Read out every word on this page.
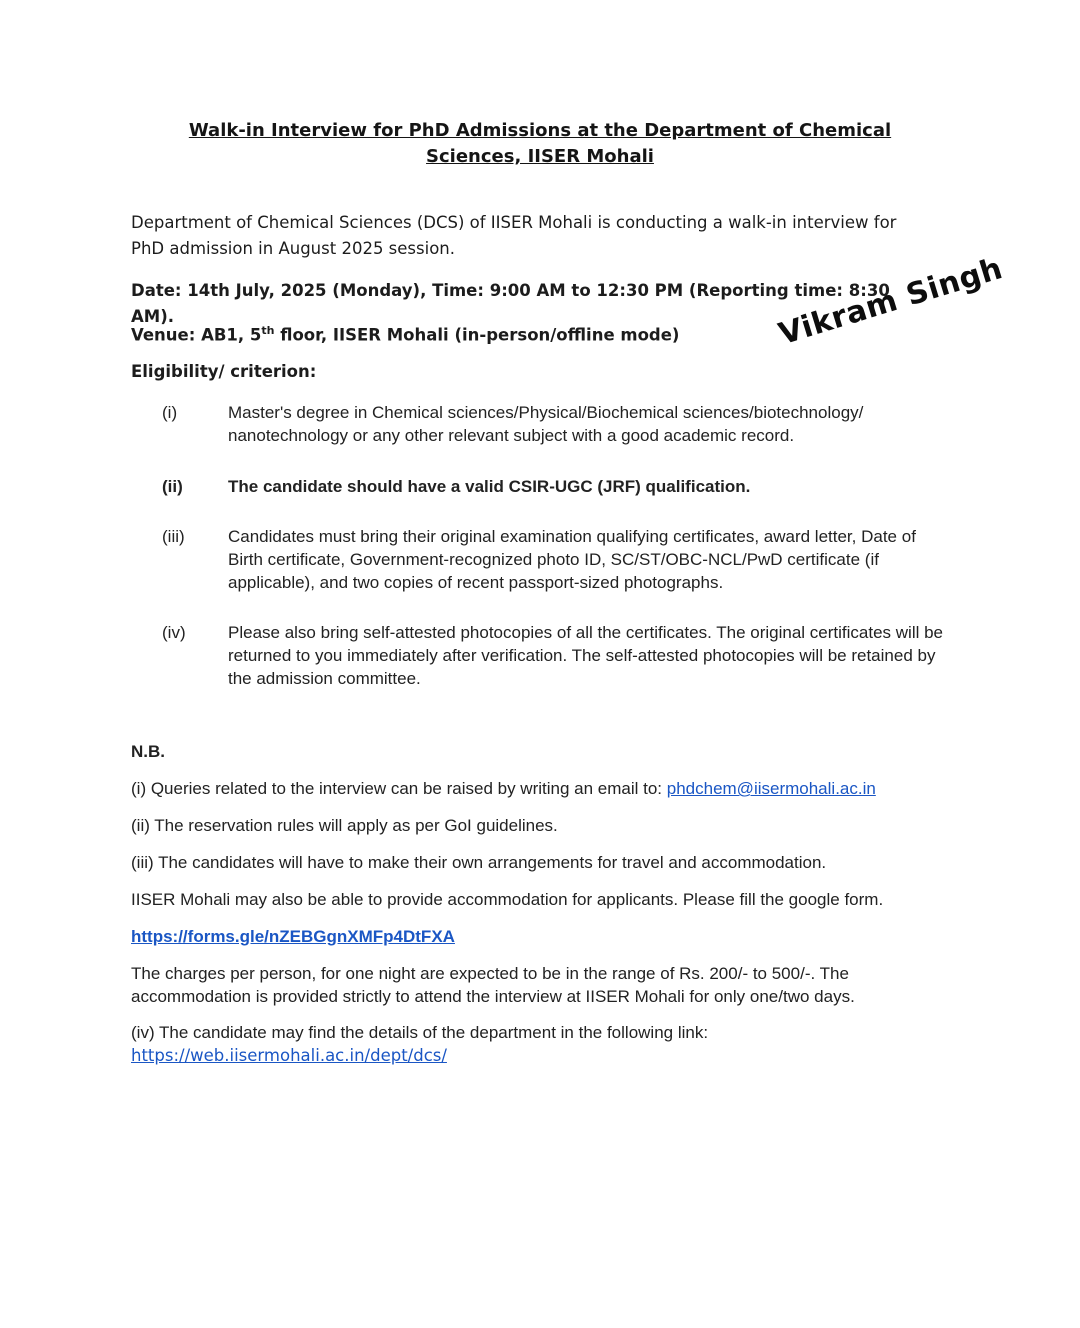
Walk-in Interview for PhD Admissions at the Department of Chemical Sciences, IISER Mohali
Department of Chemical Sciences (DCS) of IISER Mohali is conducting a walk-in interview for PhD admission in August 2025 session.
Date: 14th July, 2025 (Monday), Time: 9:00 AM to 12:30 PM (Reporting time: 8:30 AM).
Venue: AB1, 5th floor, IISER Mohali (in-person/offline mode)
Eligibility/ criterion:
(i)	Master's degree in Chemical sciences/Physical/Biochemical sciences/biotechnology/ nanotechnology or any other relevant subject with a good academic record.
(ii)	The candidate should have a valid CSIR-UGC (JRF) qualification.
(iii)	Candidates must bring their original examination qualifying certificates, award letter, Date of Birth certificate, Government-recognized photo ID, SC/ST/OBC-NCL/PwD certificate (if applicable), and two copies of recent passport-sized photographs.
(iv)	Please also bring self-attested photocopies of all the certificates. The original certificates will be returned to you immediately after verification. The self-attested photocopies will be retained by the admission committee.
N.B.
(i) Queries related to the interview can be raised by writing an email to: phdchem@iisermohali.ac.in
(ii) The reservation rules will apply as per GoI guidelines.
(iii) The candidates will have to make their own arrangements for travel and accommodation.
IISER Mohali may also be able to provide accommodation for applicants. Please fill the google form.
https://forms.gle/nZEBGgnXMFp4DtFXA
The charges per person, for one night are expected to be in the range of Rs. 200/- to 500/-. The accommodation is provided strictly to attend the interview at IISER Mohali for only one/two days.
(iv) The candidate may find the details of the department in the following link:
https://web.iisermohali.ac.in/dept/dcs/
Vikram Singh
